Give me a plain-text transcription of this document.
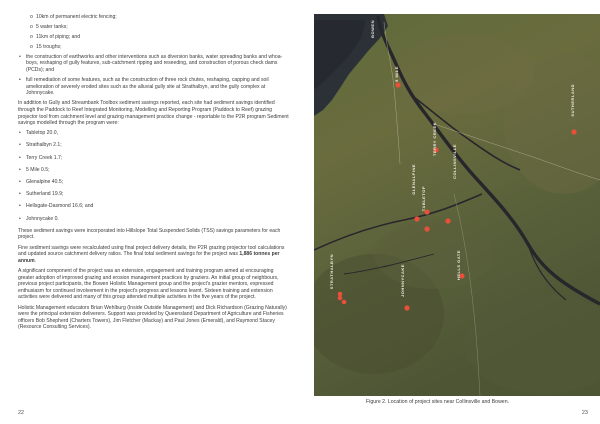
o 10km of permanent electric fencing;
o 5 water tanks;
o 11km of piping; and
o 15 troughs;
• the construction of earthworks and other interventions such as diversion banks, water spreading banks and whoa-boys, reshaping of gully features, sub-catchment ripping and reseeding, and construction of porous check dams (PCDs); and
• full remediation of some features, such as the construction of three rock chutes, reshaping, capping and soil amelioration of severely eroded sites such as the alluvial gully site at Strathalbyn, and the gully complex at Johnnycake.

In addition to Gully and Streambank Toolbox sediment savings reported, each site had sediment savings identified through the Paddock to Reef Integrated Monitoring, Modelling and Reporting Program (Paddock to Reef) grazing projector tool from catchment level and grazing management practice change - reportable to the P2R program Sediment savings modelled through the program were:

• Tabletop 20.0,
• Strathalbyn 2.1;
• Terry Creek 1.7;
• 5 Mile 0.5;
• Glenalpine 40.5;
• Sutherland 19.9;
• Hellsgate-Dasmond 16.6; and
• Johnnycake 0.

These sediment savings were incorporated into Hillslope Total Suspended Solids (TSS) savings parameters for each project.

Fine sediment savings were recalculated using final project delivery details, the P2R grazing projector tool calculations and updated source catchment delivery ratios. The final total sediment savings for the project was 1,886 tonnes per annum.

A significant component of the project was an extension, engagement and training program aimed at encouraging greater adoption of improved grazing and erosion management practices by graziers. An initial group of neighbours, previous project participants, the Bowen Holistic Management group and the project's grazier mentors, expressed enthusiasm for continued involvement in the project's progress and lessons learnt. Sixteen training and extension activities were delivered and many of this group attended multiple activities in the five years of the project.

Holistic Management educators Brian Wehlburg (Inside Outside Management) and Dick Richardson (Grazing Naturally) were the principal extension deliverers. Support was provided by Queensland Department of Agriculture and Fisheries officers Bob Shepherd (Charters Towers), Jim Fletcher (Mackay) and Paul Jones (Emerald), and Raymond Stacey (Resource Consulting Services).

22
BOWEN
5 MILE
TERRY CREEK
SUTHERLAND
COLLINSVILLE
GLENALPINE
TABLETOP
STRATHALBYN	JOHNNYCAKE	HELLS GATE
Figure 2. Location of project sites near Collinsville and Bowen.
23
